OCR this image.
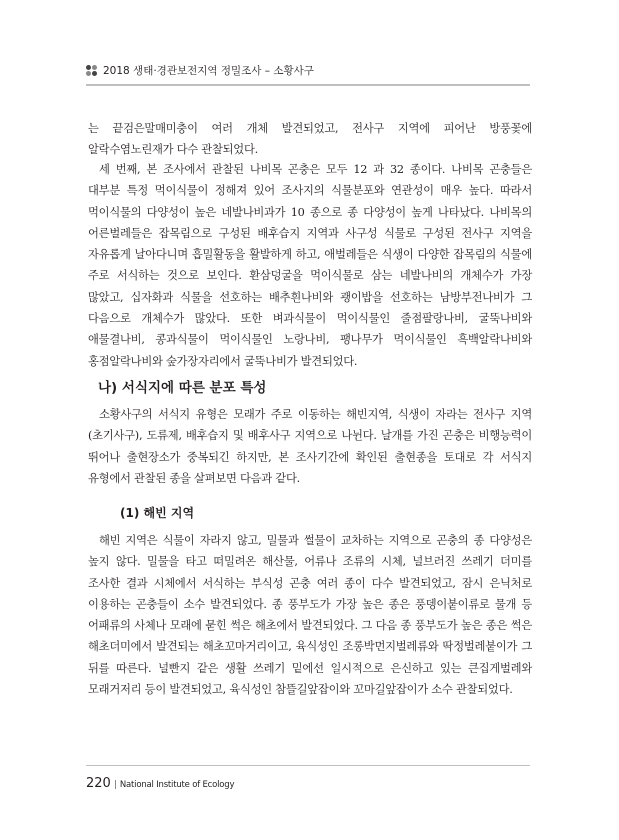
2018 생태·경관보전지역 정밀조사 – 소황사구

는 끝검은말매미충이 여러 개체 발견되었고, 전사구 지역에 피어난 방풍꽃에 알락수염노린재가 다수 관찰되었다.

세 번째, 본 조사에서 관찰된 나비목 곤충은 모두 12 과 32 종이다. 나비목 곤충들은 대부분 특정 먹이식물이 정해져 있어 조사지의 식물분포와 연관성이 매우 높다. 따라서 먹이식물의 다양성이 높은 네발나비과가 10 종으로 종 다양성이 높게 나타났다. 나비목의 어른벌레들은 잡목림으로 구성된 배후습지 지역과 사구성 식물로 구성된 전사구 지역을 자유롭게 날아다니며 흡밀활동을 활발하게 하고, 애벌레들은 식생이 다양한 잡목림의 식물에 주로 서식하는 것으로 보인다. 환삼덩굴을 먹이식물로 삼는 네발나비의 개체수가 가장 많았고, 십자화과 식물을 선호하는 배추흰나비와 괭이밥을 선호하는 남방부전나비가 그 다음으로 개체수가 많았다. 또한 벼과식물이 먹이식물인 줄점팔랑나비, 굴뚝나비와 애물결나비, 콩과식물이 먹이식물인 노랑나비, 팽나무가 먹이식물인 흑백알락나비와 홍점알락나비와 숲가장자리에서 굴뚝나비가 발견되었다.

나) 서식지에 따른 분포 특성

소황사구의 서식지 유형은 모래가 주로 이동하는 해빈지역, 식생이 자라는 전사구 지역(초기사구), 도류제, 배후습지 및 배후사구 지역으로 나뉜다. 날개를 가진 곤충은 비행능력이 뛰어나 출현장소가 중복되긴 하지만, 본 조사기간에 확인된 출현종을 토대로 각 서식지 유형에서 관찰된 종을 살펴보면 다음과 같다.

(1) 해빈 지역

해빈 지역은 식물이 자라지 않고, 밀물과 썰물이 교차하는 지역으로 곤충의 종 다양성은 높지 않다. 밀물을 타고 떠밀려온 해산물, 어류나 조류의 시체, 널브러진 쓰레기 더미를 조사한 결과 시체에서 서식하는 부식성 곤충 여러 종이 다수 발견되었고, 잠시 은닉처로 이용하는 곤충들이 소수 발견되었다. 종 풍부도가 가장 높은 종은 풍뎅이붙이류로 물개 등 어패류의 사체나 모래에 묻힌 썩은 해초에서 발견되었다. 그 다음 종 풍부도가 높은 종은 썩은 해초더미에서 발견되는 해초꼬마거리이고, 육식성인 조롱박먼지벌레류와 딱정벌레붙이가 그 뒤를 따른다. 널빤지 같은 생활 쓰레기 밑에선 일시적으로 은신하고 있는 큰집게벌레와 모래거저리 등이 발견되었고, 육식성인 참뜰길앞잡이와 꼬마길앞잡이가 소수 관찰되었다.

220 | National Institute of Ecology
